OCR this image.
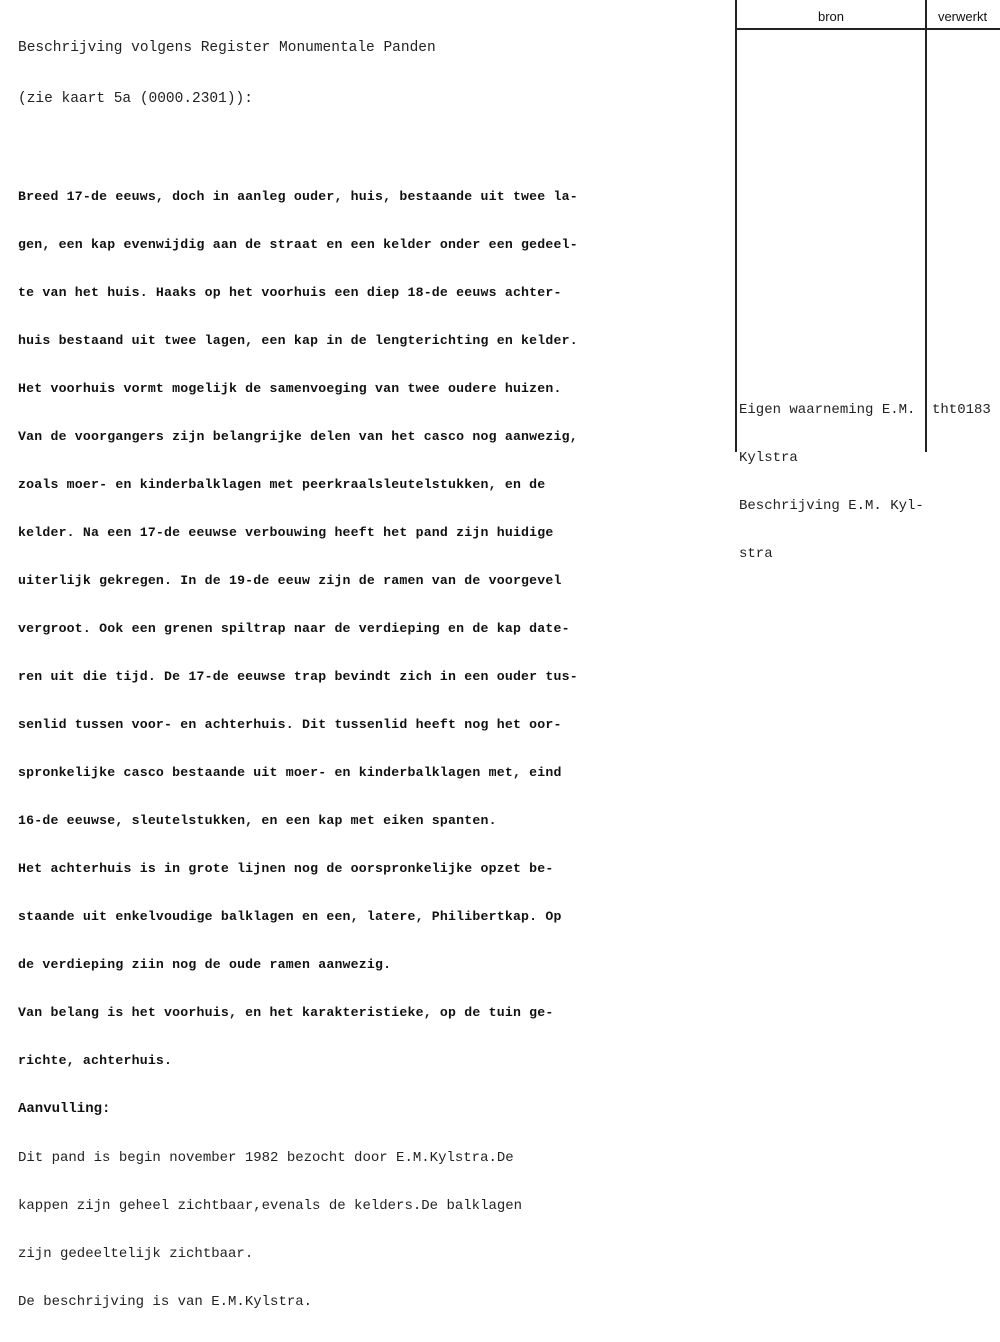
Beschrijving volgens Register Monumentale Panden

(zie kaart 5a (0000.2301)):

Breed 17-de eeuws, doch in aanleg ouder, huis, bestaande uit twee la-

gen, een kap evenwijdig aan de straat en een kelder onder een gedeel-

te van het huis. Haaks op het voorhuis een diep 18-de eeuws achter-

huis bestaand uit twee lagen, een kap in de lengterichting en kelder.

Het voorhuis vormt mogelijk de samenvoeging van twee oudere huizen.

Van de voorgangers zijn belangrijke delen van het casco nog aanwezig,

zoals moer- en kinderbalklagen met peerkraalsleutelstukken, en de

kelder. Na een 17-de eeuwse verbouwing heeft het pand zijn huidige

uiterlijk gekregen. In de 19-de eeuw zijn de ramen van de voorgevel

vergroot. Ook een grenen spiltrap naar de verdieping en de kap date-

ren uit die tijd. De 17-de eeuwse trap bevindt zich in een ouder tus-

senlid tussen voor- en achterhuis. Dit tussenlid heeft nog het oor-

spronkelijke casco bestaande uit moer- en kinderbalklagen met, eind

16-de eeuwse, sleutelstukken, en een kap met eiken spanten.

Het achterhuis is in grote lijnen nog de oorspronkelijke opzet be-

staande uit enkelvoudige balklagen en een, latere, Philibertkap. Op

de verdieping ziin nog de oude ramen aanwezig.

Van belang is het voorhuis, en het karakteristieke, op de tuin ge-

richte, achterhuis.

Aanvulling:

Dit pand is begin november 1982 bezocht door E.M.Kylstra.De

kappen zijn geheel zichtbaar,evenals de kelders.De balklagen

zijn gedeeltelijk zichtbaar.

De beschrijving is van E.M.Kylstra.

bron	verwerkt

Eigen waarneming E.M.

Kylstra

Beschrijving E.M. Kyl-

stra

tht0183
